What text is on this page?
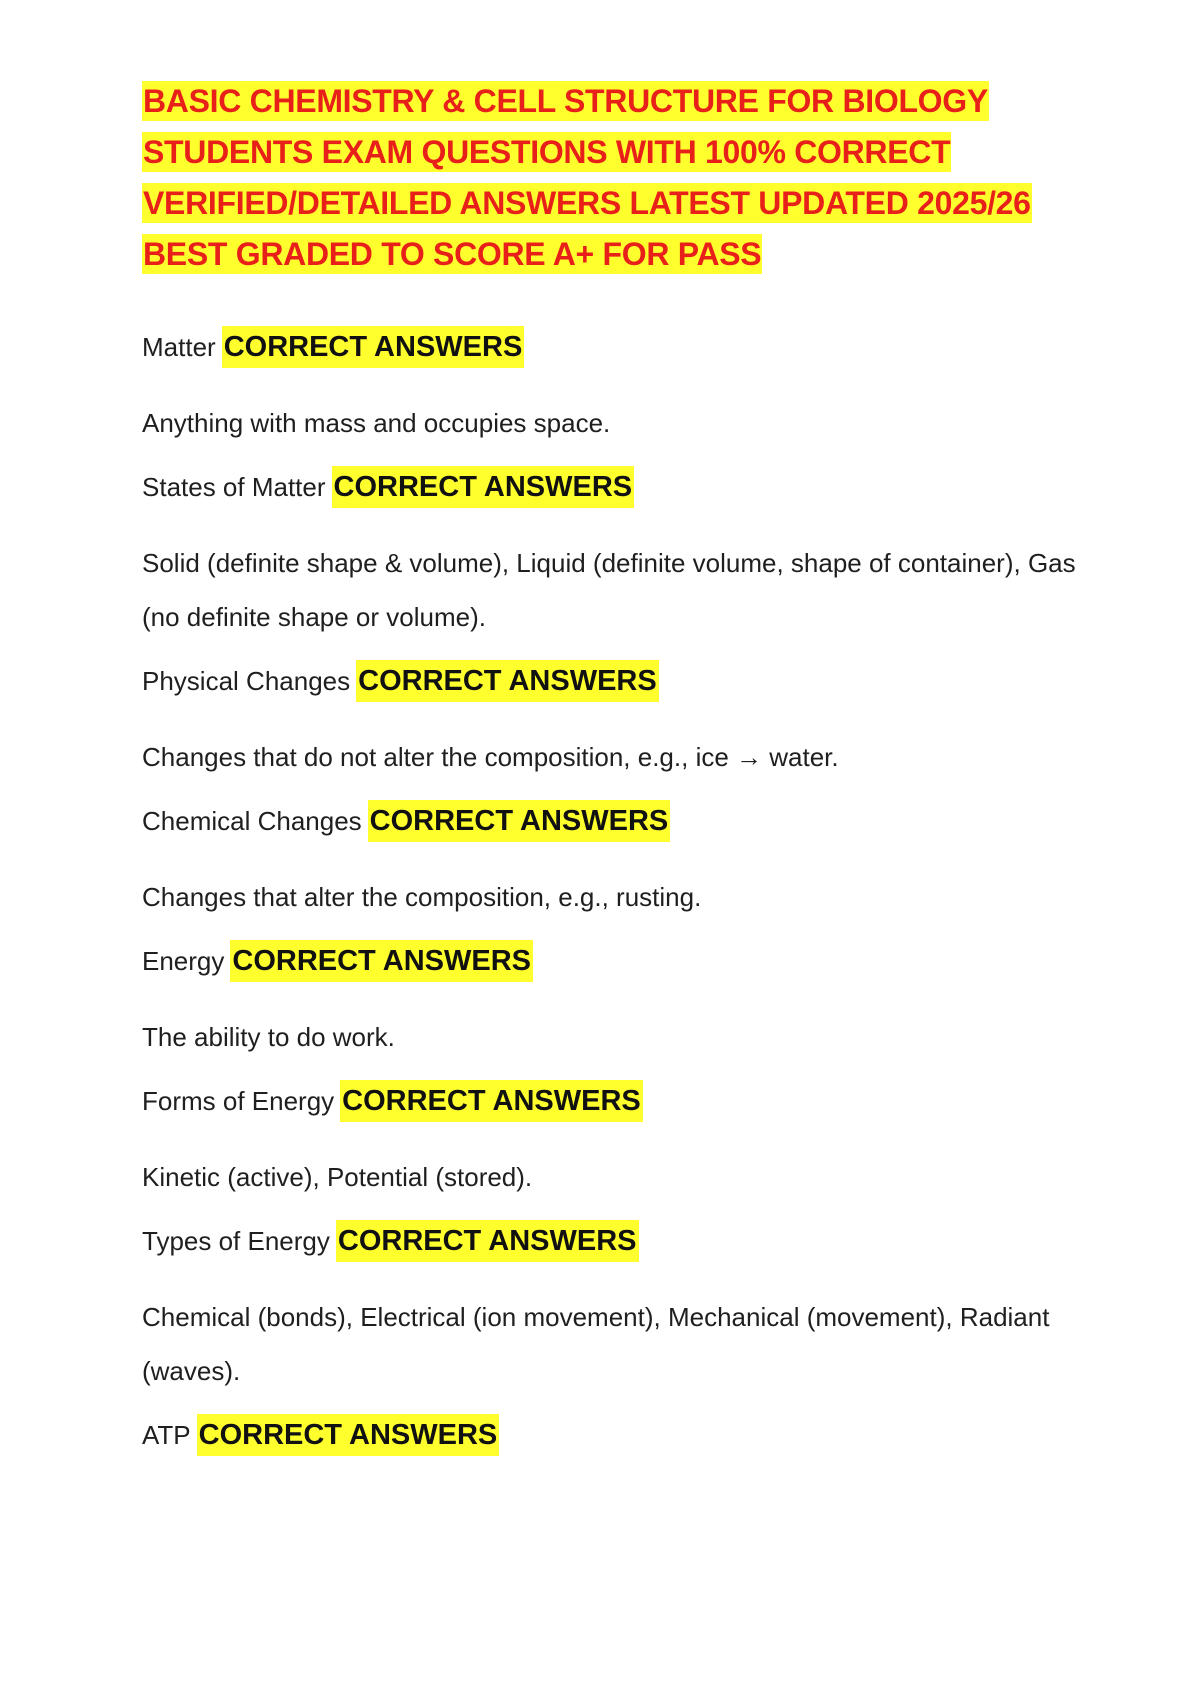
BASIC CHEMISTRY & CELL STRUCTURE FOR BIOLOGY
STUDENTS EXAM QUESTIONS WITH 100% CORRECT
VERIFIED/DETAILED ANSWERS LATEST UPDATED 2025/26
BEST GRADED TO SCORE A+ FOR PASS

Matter CORRECT ANSWERS

Anything with mass and occupies space.

States of Matter CORRECT ANSWERS

Solid (definite shape & volume), Liquid (definite volume, shape of container), Gas (no definite shape or volume).

Physical Changes CORRECT ANSWERS

Changes that do not alter the composition, e.g., ice → water.

Chemical Changes CORRECT ANSWERS

Changes that alter the composition, e.g., rusting.

Energy CORRECT ANSWERS

The ability to do work.

Forms of Energy CORRECT ANSWERS

Kinetic (active), Potential (stored).

Types of Energy CORRECT ANSWERS

Chemical (bonds), Electrical (ion movement), Mechanical (movement), Radiant (waves).

ATP CORRECT ANSWERS
